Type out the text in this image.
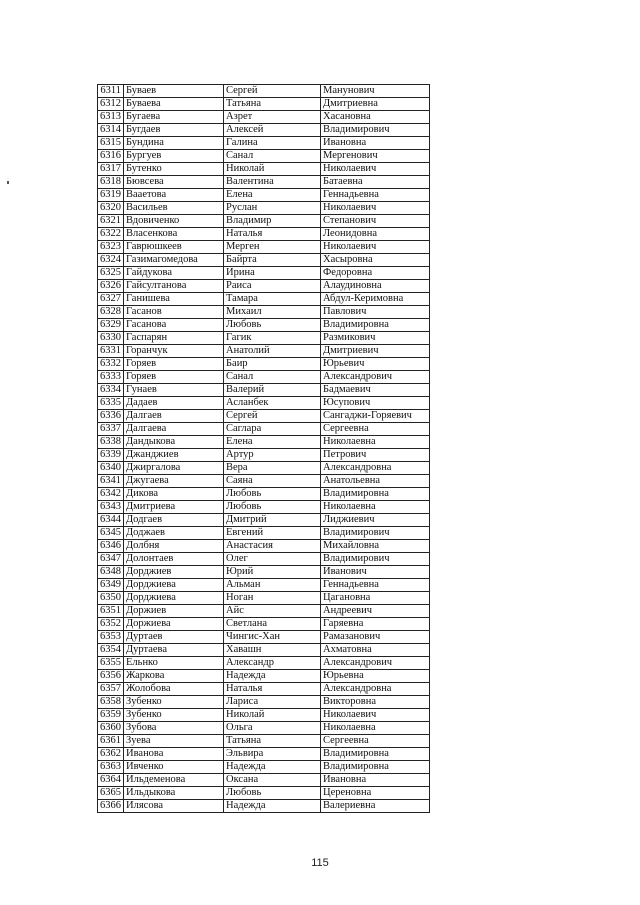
6311	Буваев	Сергей	Манунович
6312	Буваева	Татьяна	Дмитриевна
6313	Бугаева	Азрет	Хасановна
6314	Бугдаев	Алексей	Владимирович
6315	Бундина	Галина	Ивановна
6316	Бургуев	Санал	Мергенович
6317	Бутенко	Николай	Николаевич
6318	Бювсева	Валентина	Батаевна
6319	Вааетова	Елена	Геннадьевна
6320	Васильев	Руслан	Николаевич
6321	Вдовиченко	Владимир	Степанович
6322	Власенкова	Наталья	Леонидовна
6323	Гаврюшкеев	Мерген	Николаевич
6324	Газимагомедова	Байрта	Хасыровна
6325	Гайдукова	Ирина	Федоровна
6326	Гайсултанова	Раиса	Алаудиновна
6327	Ганишева	Тамара	Абдул-Керимовна
6328	Гасанов	Михаил	Павлович
6329	Гасанова	Любовь	Владимировна
6330	Гаспарян	Гагик	Размикович
6331	Горанчук	Анатолий	Дмитриевич
6332	Горяев	Баир	Юрьевич
6333	Горяев	Санал	Александрович
6334	Гунаев	Валерий	Бадмаевич
6335	Дадаев	Асланбек	Юсупович
6336	Далгаев	Сергей	Сангаджи-Горяевич
6337	Далгаева	Саглара	Сергеевна
6338	Дандыкова	Елена	Николаевна
6339	Джанджиев	Артур	Петрович
6340	Джиргалова	Вера	Александровна
6341	Джугаева	Саяна	Анатольевна
6342	Дикова	Любовь	Владимировна
6343	Дмитриева	Любовь	Николаевна
6344	Додгаев	Дмитрий	Лиджиевич
6345	Доджаев	Евгений	Владимирович
6346	Долбня	Анастасия	Михайловна
6347	Долонтаев	Олег	Владимирович
6348	Дорджиев	Юрий	Иванович
6349	Дорджиева	Альман	Геннадьевна
6350	Дорджиева	Ноган	Цагановна
6351	Доржиев	Айс	Андреевич
6352	Доржиева	Светлана	Гаряевна
6353	Дуртаев	Чингис-Хан	Рамазанович
6354	Дуртаева	Хавашн	Ахматовна
6355	Ельнко	Александр	Александрович
6356	Жаркова	Надежда	Юрьевна
6357	Жолобова	Наталья	Александровна
6358	Зубенко	Лариса	Викторовна
6359	Зубенко	Николай	Николаевич
6360	Зубова	Ольга	Николаевна
6361	Зуева	Татьяна	Сергеевна
6362	Иванова	Эльвира	Владимировна
6363	Ивченко	Надежда	Владимировна
6364	Ильдеменова	Оксана	Ивановна
6365	Ильдыкова	Любовь	Цереновна
6366	Илясова	Надежда	Валериевна
115
